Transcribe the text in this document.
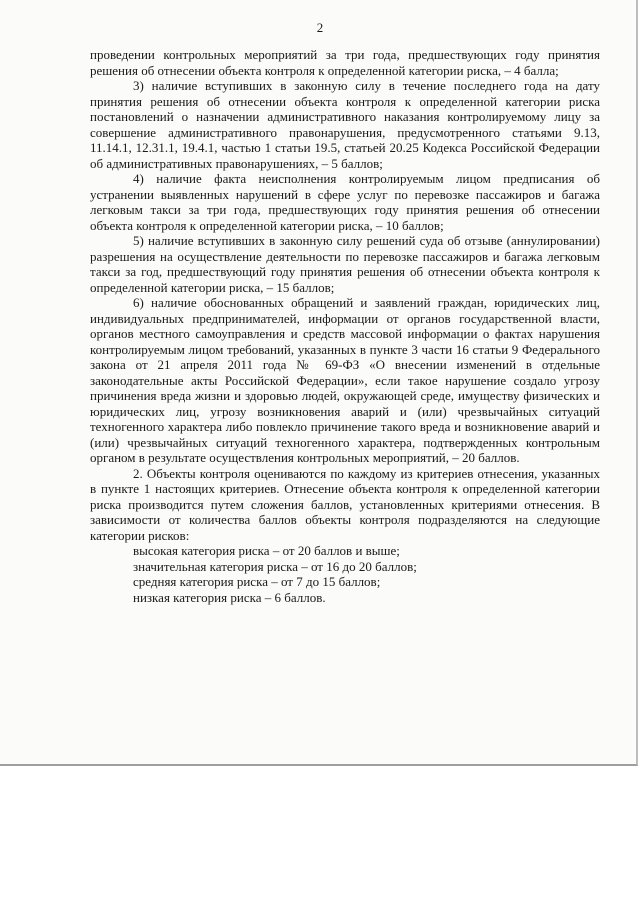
2

проведении контрольных мероприятий за три года, предшествующих году принятия решения об отнесении объекта контроля к определенной категории риска, – 4 балла;

3) наличие вступивших в законную силу в течение последнего года на дату принятия решения об отнесении объекта контроля к определенной категории риска постановлений о назначении административного наказания контролируемому лицу за совершение административного правонарушения, предусмотренного статьями 9.13, 11.14.1, 12.31.1, 19.4.1, частью 1 статьи 19.5, статьей 20.25 Кодекса Российской Федерации об административных правонарушениях, – 5 баллов;

4) наличие факта неисполнения контролируемым лицом предписания об устранении выявленных нарушений в сфере услуг по перевозке пассажиров и багажа легковым такси за три года, предшествующих году принятия решения об отнесении объекта контроля к определенной категории риска, – 10 баллов;

5) наличие вступивших в законную силу решений суда об отзыве (аннулировании) разрешения на осуществление деятельности по перевозке пассажиров и багажа легковым такси за год, предшествующий году принятия решения об отнесении объекта контроля к определенной категории риска, – 15 баллов;

6) наличие обоснованных обращений и заявлений граждан, юридических лиц, индивидуальных предпринимателей, информации от органов государственной власти, органов местного самоуправления и средств массовой информации о фактах нарушения контролируемым лицом требований, указанных в пункте 3 части 16 статьи 9 Федерального закона от 21 апреля 2011 года № 69-ФЗ «О внесении изменений в отдельные законодательные акты Российской Федерации», если такое нарушение создало угрозу причинения вреда жизни и здоровью людей, окружающей среде, имуществу физических и юридических лиц, угрозу возникновения аварий и (или) чрезвычайных ситуаций техногенного характера либо повлекло причинение такого вреда и возникновение аварий и (или) чрезвычайных ситуаций техногенного характера, подтвержденных контрольным органом в результате осуществления контрольных мероприятий, – 20 баллов.

2. Объекты контроля оцениваются по каждому из критериев отнесения, указанных в пункте 1 настоящих критериев. Отнесение объекта контроля к определенной категории риска производится путем сложения баллов, установленных критериями отнесения. В зависимости от количества баллов объекты контроля подразделяются на следующие категории рисков:

высокая категория риска – от 20 баллов и выше;

значительная категория риска – от 16 до 20 баллов;

средняя категория риска – от 7 до 15 баллов;

низкая категория риска – 6 баллов.
